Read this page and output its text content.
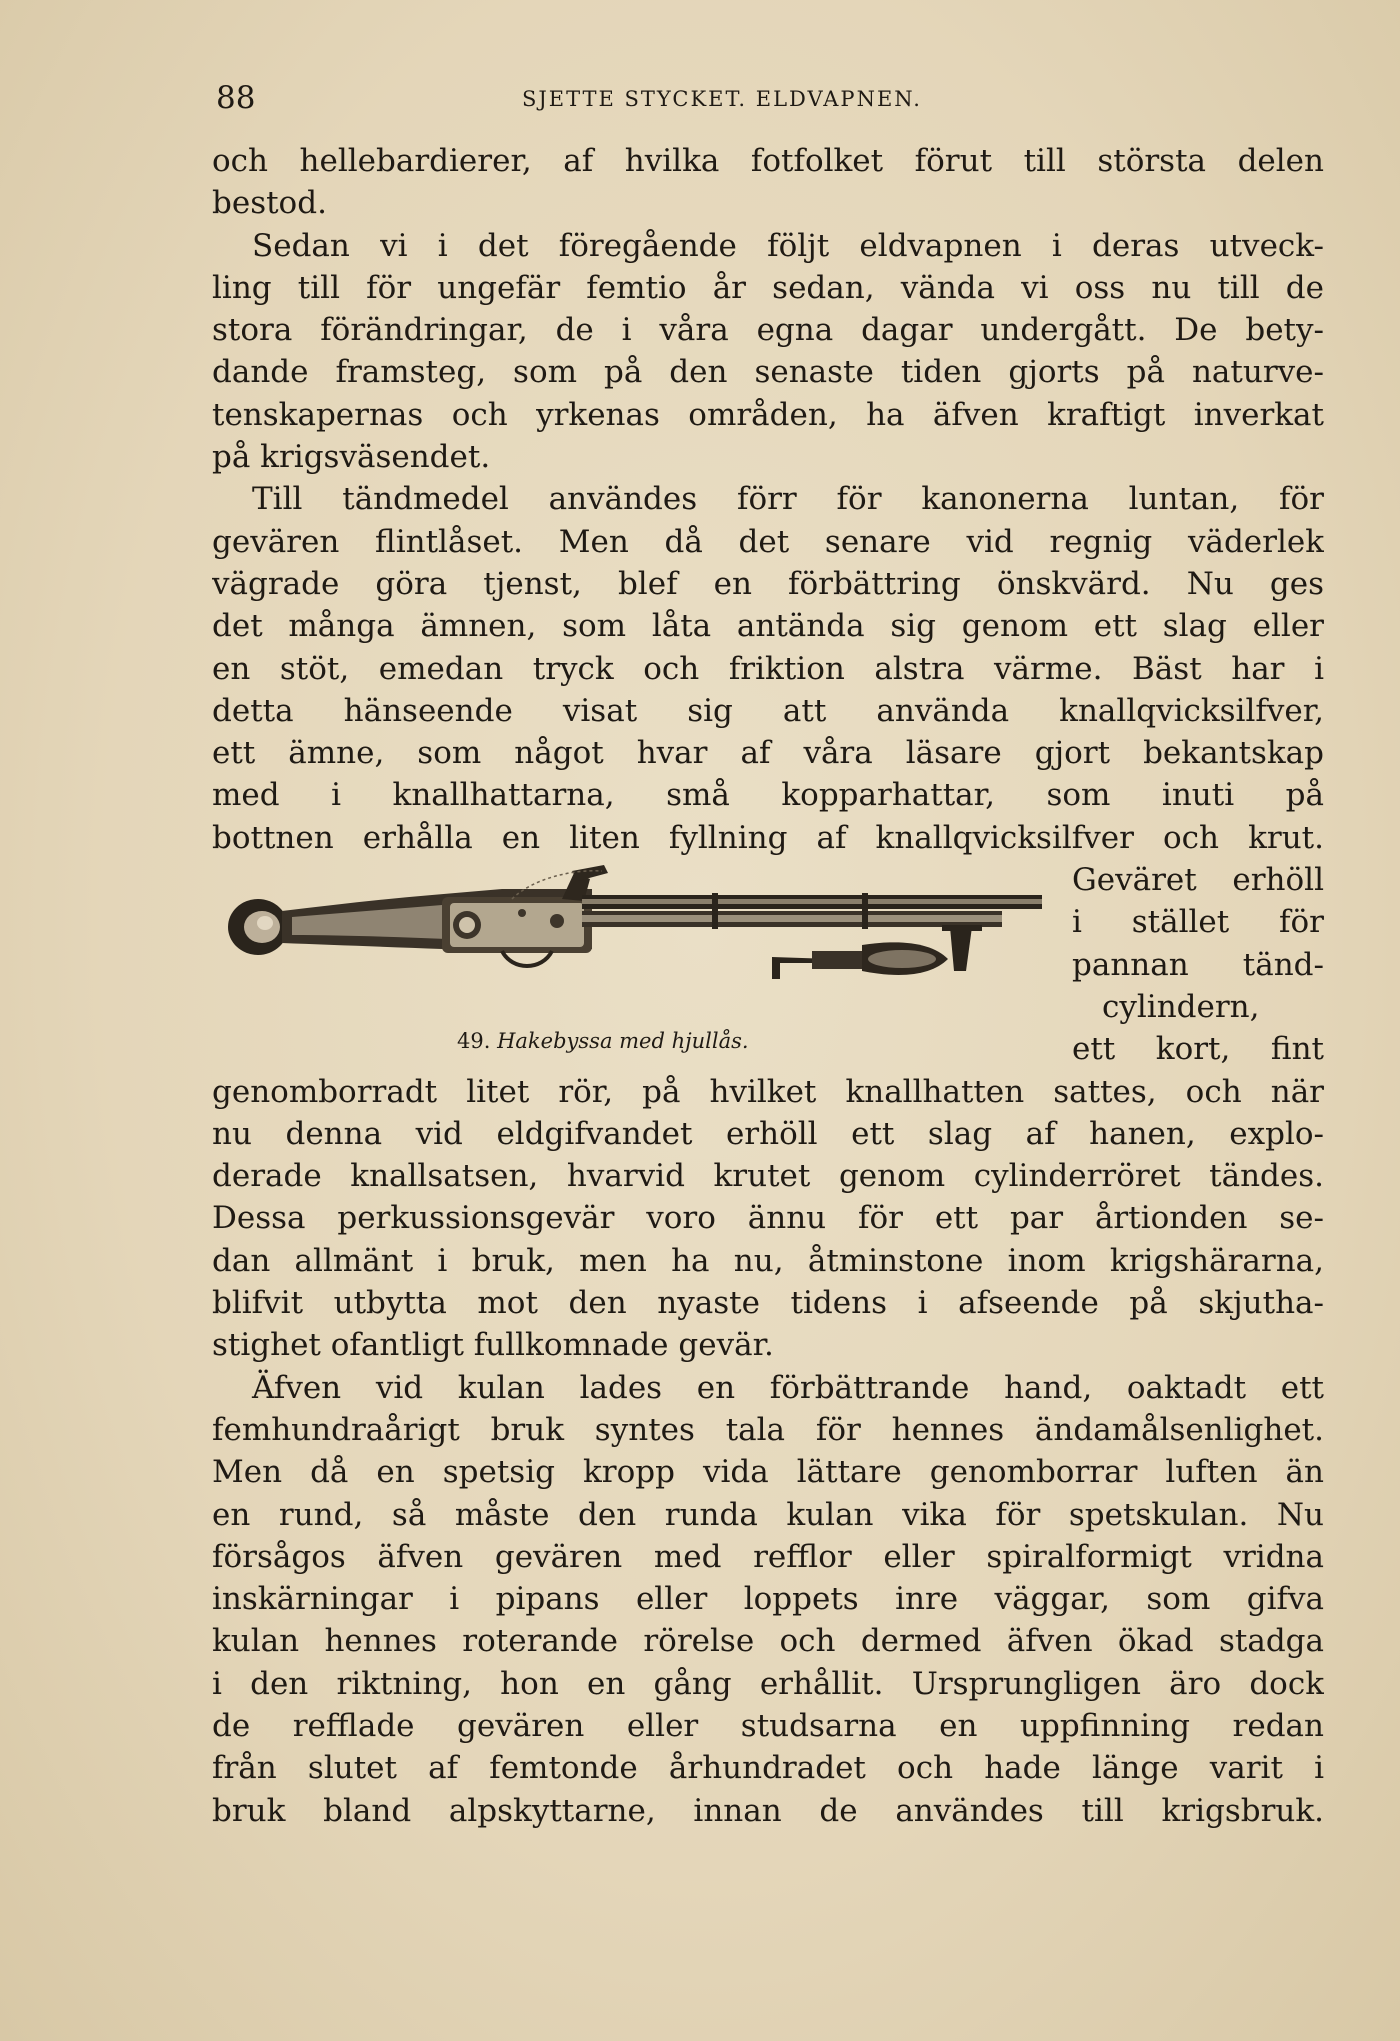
88	SJETTE STYCKET. ELDVAPNEN.
och hellebardierer, af hvilka fotfolket förut till största delen
bestod.
Sedan vi i det föregående följt eldvapnen i deras utveck-
ling till för ungefär femtio år sedan, vända vi oss nu till de
stora förändringar, de i våra egna dagar undergått. De bety-
dande framsteg, som på den senaste tiden gjorts på naturve-
tenskapernas och yrkenas områden, ha äfven kraftigt inverkat
på krigsväsendet.
Till tändmedel användes förr för kanonerna luntan, för
gevären flintlåset. Men då det senare vid regnig väderlek
vägrade göra tjenst, blef en förbättring önskvärd. Nu ges
det många ämnen, som låta antända sig genom ett slag eller
en stöt, emedan tryck och friktion alstra värme. Bäst har i
detta hänseende visat sig att använda knallqvicksilfver,
ett ämne, som något hvar af våra läsare gjort bekantskap
med i knallhattarna, små kopparhattar, som inuti på
bottnen erhålla en liten fyllning af knallqvicksilfver och krut.
49. Hakebyssa med hjullås.
Geväret erhöll
i stället för
pannan tänd-
cylindern,
ett kort, fint
genomborradt litet rör, på hvilket knallhatten sattes, och när
nu denna vid eldgifvandet erhöll ett slag af hanen, explo-
derade knallsatsen, hvarvid krutet genom cylinderröret tändes.
Dessa perkussionsgevär voro ännu för ett par årtionden se-
dan allmänt i bruk, men ha nu, åtminstone inom krigshärarna,
blifvit utbytta mot den nyaste tidens i afseende på skjutha-
stighet ofantligt fullkomnade gevär.
Äfven vid kulan lades en förbättrande hand, oaktadt ett
femhundraårigt bruk syntes tala för hennes ändamålsenlighet.
Men då en spetsig kropp vida lättare genomborrar luften än
en rund, så måste den runda kulan vika för spetskulan. Nu
försågos äfven gevären med refflor eller spiralformigt vridna
inskärningar i pipans eller loppets inre väggar, som gifva
kulan hennes roterande rörelse och dermed äfven ökad stadga
i den riktning, hon en gång erhållit. Ursprungligen äro dock
de refflade gevären eller studsarna en uppfinning redan
från slutet af femtonde århundradet och hade länge varit i
bruk bland alpskyttarne, innan de användes till krigsbruk.
